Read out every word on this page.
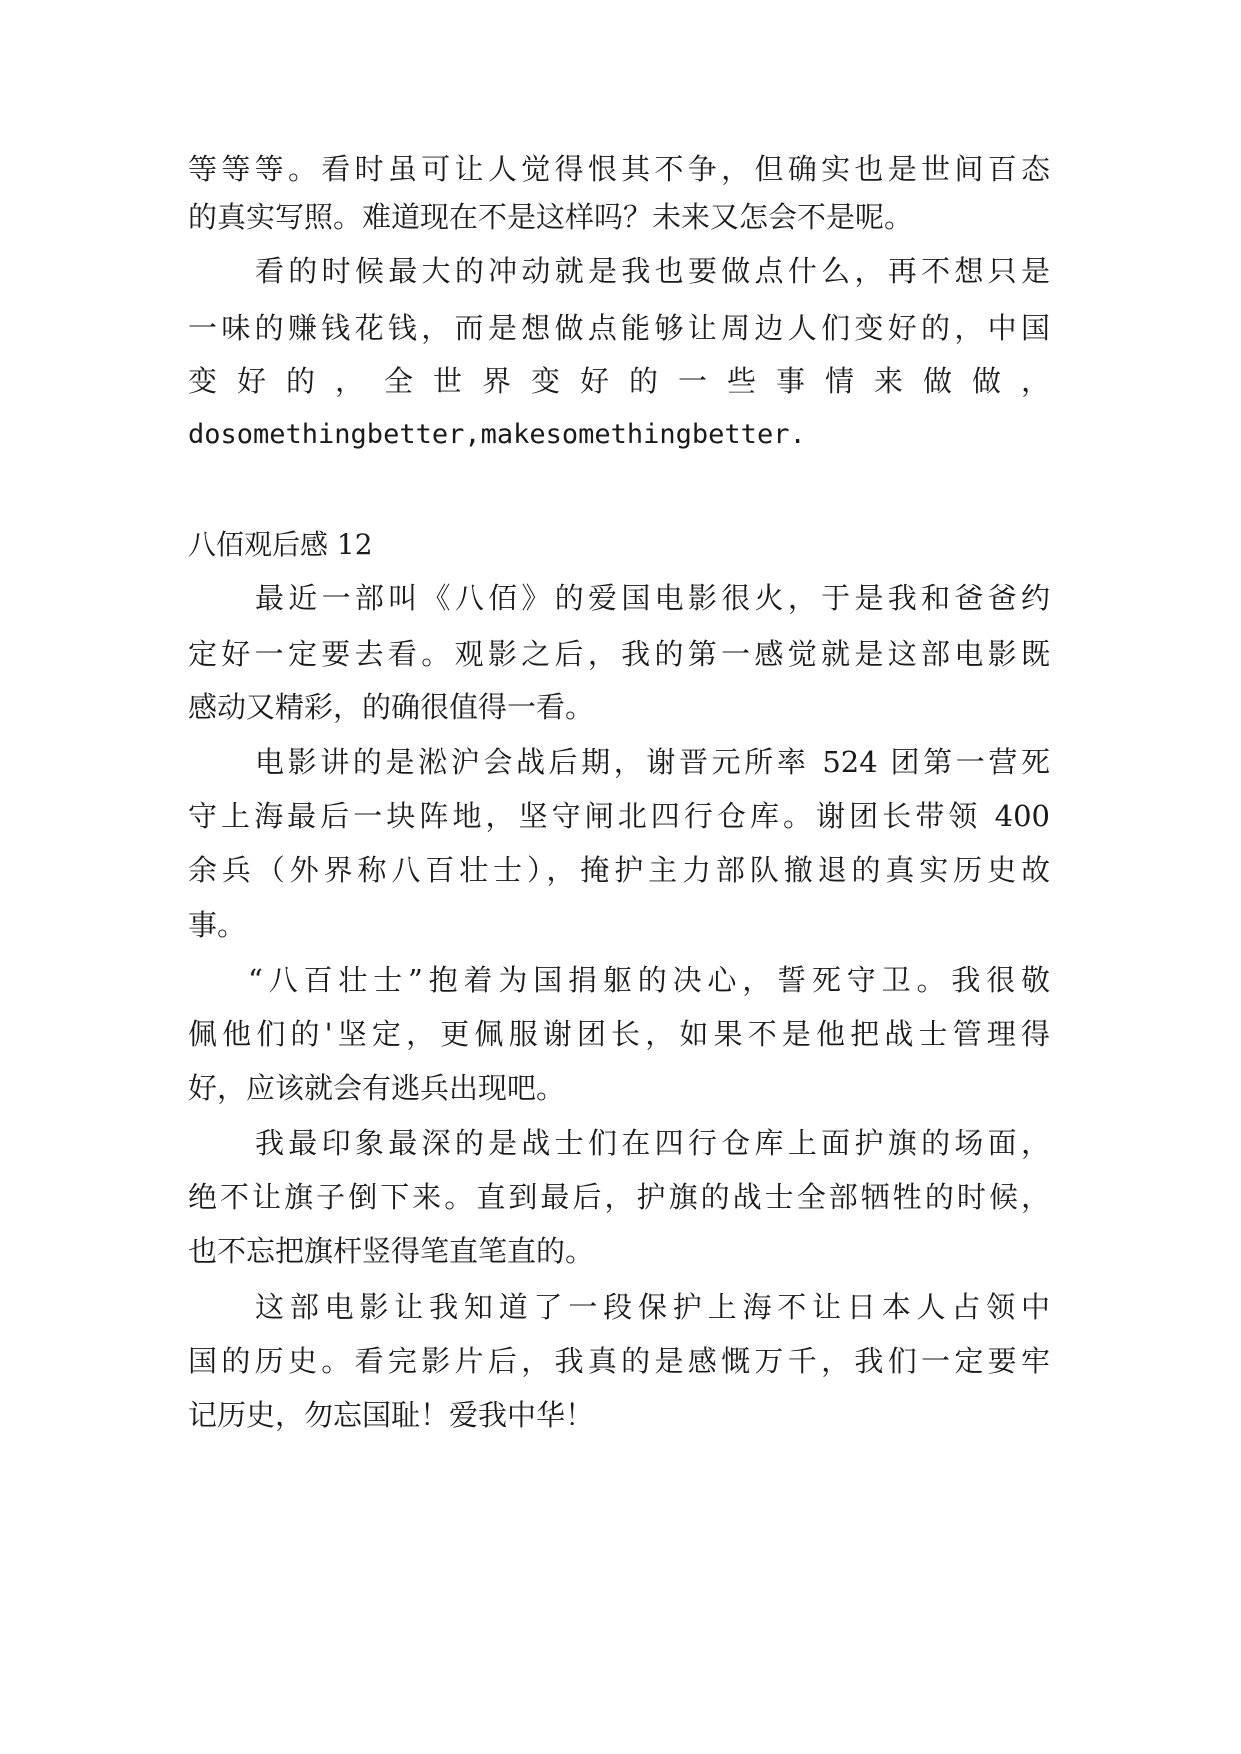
等等等。看时虽可让人觉得恨其不争，但确实也是世间百态

的真实写照。难道现在不是这样吗？未来又怎会不是呢。

看的时候最大的冲动就是我也要做点什么，再不想只是

一味的赚钱花钱，而是想做点能够让周边人们变好的，中国

变 好 的 ， 全 世 界 变 好 的 一 些 事 情 来 做 做 ，

dosomethingbetter,makesomethingbetter.

八佰观后感 12

最近一部叫《八佰》的爱国电影很火，于是我和爸爸约

定好一定要去看。观影之后，我的第一感觉就是这部电影既

感动又精彩，的确很值得一看。

电影讲的是淞沪会战后期，谢晋元所率 524 团第一营死

守上海最后一块阵地，坚守闸北四行仓库。谢团长带领 400

余兵（外界称八百壮士），掩护主力部队撤退的真实历史故

事。

“八百壮士”抱着为国捐躯的决心，誓死守卫。我很敬

佩他们的'坚定，更佩服谢团长，如果不是他把战士管理得

好，应该就会有逃兵出现吧。

我最印象最深的是战士们在四行仓库上面护旗的场面，

绝不让旗子倒下来。直到最后，护旗的战士全部牺牲的时候，

也不忘把旗杆竖得笔直笔直的。

这部电影让我知道了一段保护上海不让日本人占领中

国的历史。看完影片后，我真的是感慨万千，我们一定要牢

记历史，勿忘国耻！爱我中华！
